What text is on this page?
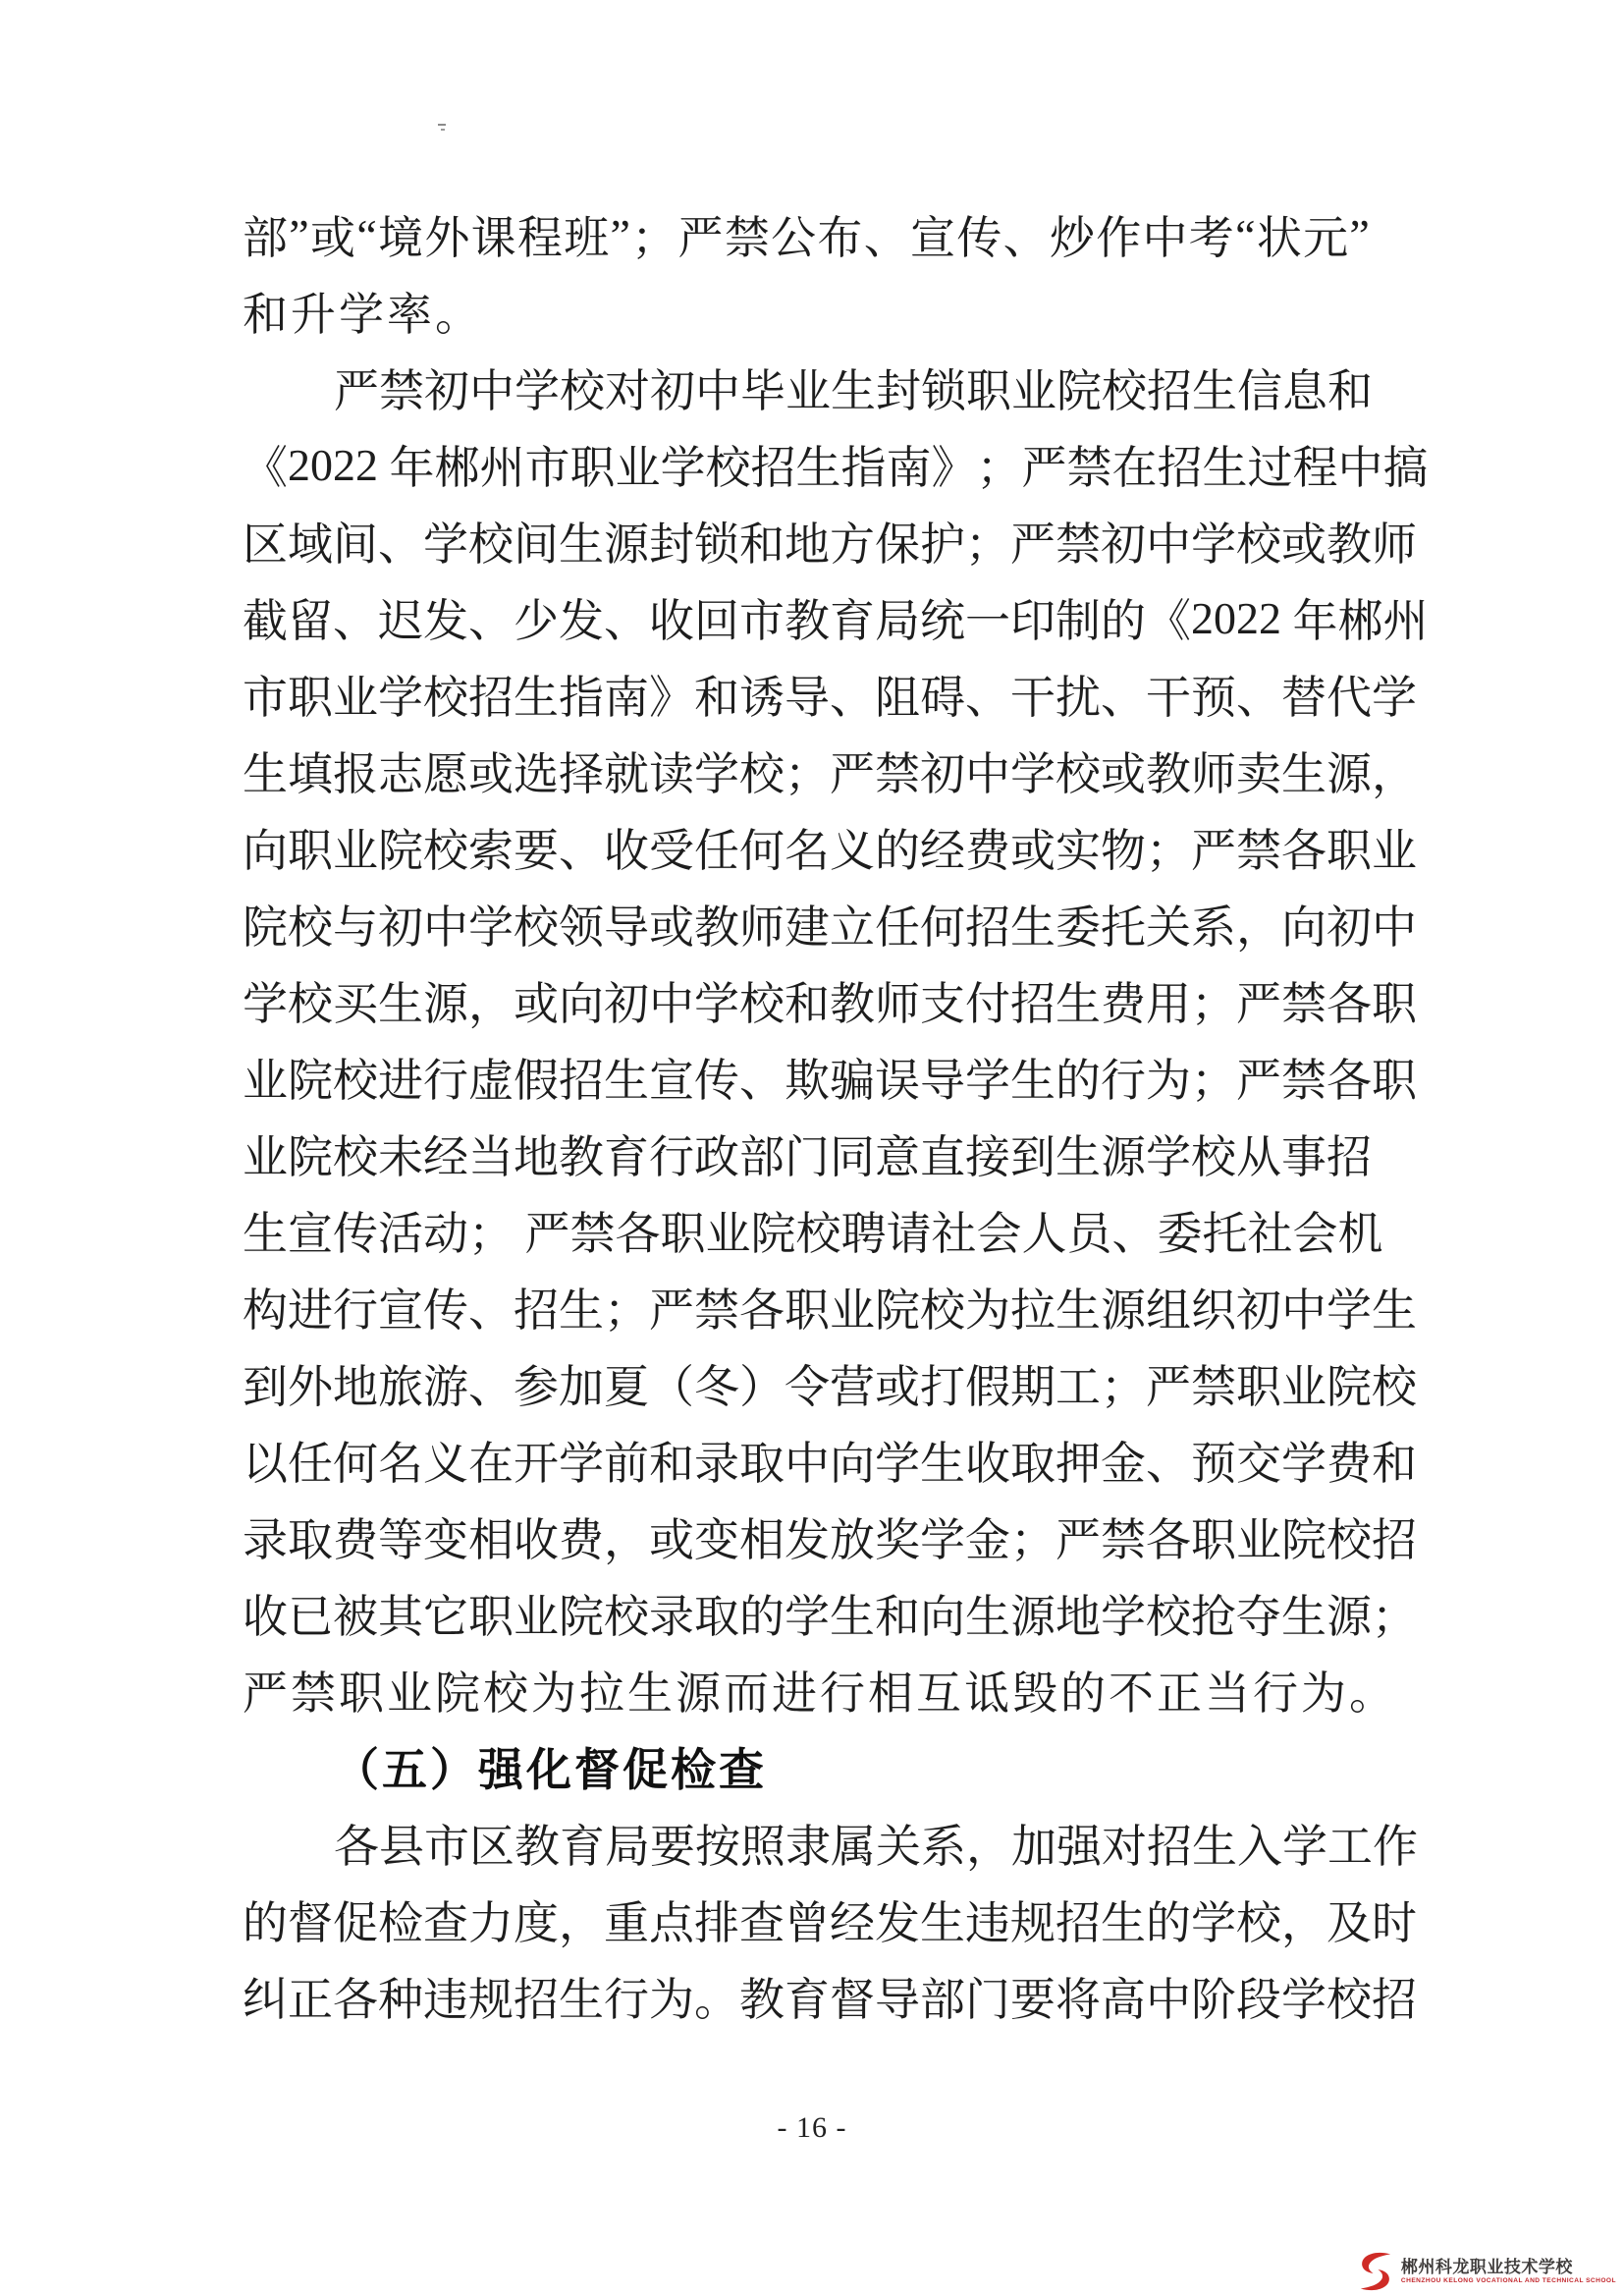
部 ” 或 “ 境 外 课 程 班 ” ； 严 禁 公 布 、 宣 传 、 炒 作 中 考 “ 状 元 ”
和 升 学 率 。
严 禁 初 中 学 校 对 初 中 毕 业 生 封 锁 职 业 院 校 招 生 信 息 和
《 2 0 2 2
年 郴 州 市 职 业 学 校 招 生 指 南 》 ； 严 禁 在 招 生 过 程 中 搞
区 域 间 、 学 校 间 生 源 封 锁 和 地 方 保 护 ； 严 禁 初 中 学 校 或 教 师
截 留 、 迟 发 、 少 发 、 收 回 市 教 育 局 统 一 印 制 的 《 2 0 2 2
年 郴 州
市 职 业 学 校 招 生 指 南 》 和 诱 导 、 阻 碍 、 干 扰 、 干 预 、 替 代 学
生 填 报 志 愿 或 选 择 就 读 学 校 ； 严 禁 初 中 学 校 或 教 师 卖 生 源 ，
向 职 业 院 校 索 要 、 收 受 任 何 名 义 的 经 费 或 实 物 ； 严 禁 各 职 业
院 校 与 初 中 学 校 领 导 或 教 师 建 立 任 何 招 生 委 托 关 系 ， 向 初 中
学 校 买 生 源 ， 或 向 初 中 学 校 和 教 师 支 付 招 生 费 用 ； 严 禁 各 职
业 院 校 进 行 虚 假 招 生 宣 传 、 欺 骗 误 导 学 生 的 行 为 ； 严 禁 各 职
业 院 校 未 经 当 地 教 育 行 政 部 门 同 意 直 接 到 生 源 学 校 从 事 招
生 宣 传 活 动 ；
严 禁 各 职 业 院 校 聘 请 社 会 人 员 、 委 托 社 会 机
构 进 行 宣 传 、 招 生 ； 严 禁 各 职 业 院 校 为 拉 生 源 组 织 初 中 学 生
到 外 地 旅 游 、 参 加 夏 （ 冬 ） 令 营 或 打 假 期 工 ； 严 禁 职 业 院 校
以 任 何 名 义 在 开 学 前 和 录 取 中 向 学 生 收 取 押 金 、 预 交 学 费 和
录 取 费 等 变 相 收 费 ， 或 变 相 发 放 奖 学 金 ； 严 禁 各 职 业 院 校 招
收 已 被 其 它 职 业 院 校 录 取 的 学 生 和 向 生 源 地 学 校 抢 夺 生 源 ；
严 禁 职 业 院 校 为 拉 生 源 而 进 行 相 互 诋 毁 的 不 正 当 行 为 。
（ 五 ） 强 化 督 促 检 查
各 县 市 区 教 育 局 要 按 照 隶 属 关 系 ， 加 强 对 招 生 入 学 工 作
的 督 促 检 查 力 度 ， 重 点 排 查 曾 经 发 生 违 规 招 生 的 学 校 ， 及 时
纠 正 各 种 违 规 招 生 行 为 。 教 育 督 导 部 门 要 将 高 中 阶 段 学 校 招
- 16 -
郴州科龙职业技术学校
CHENZHOU KELONG VOCATIONAL AND TECHNICAL SCHOOL
